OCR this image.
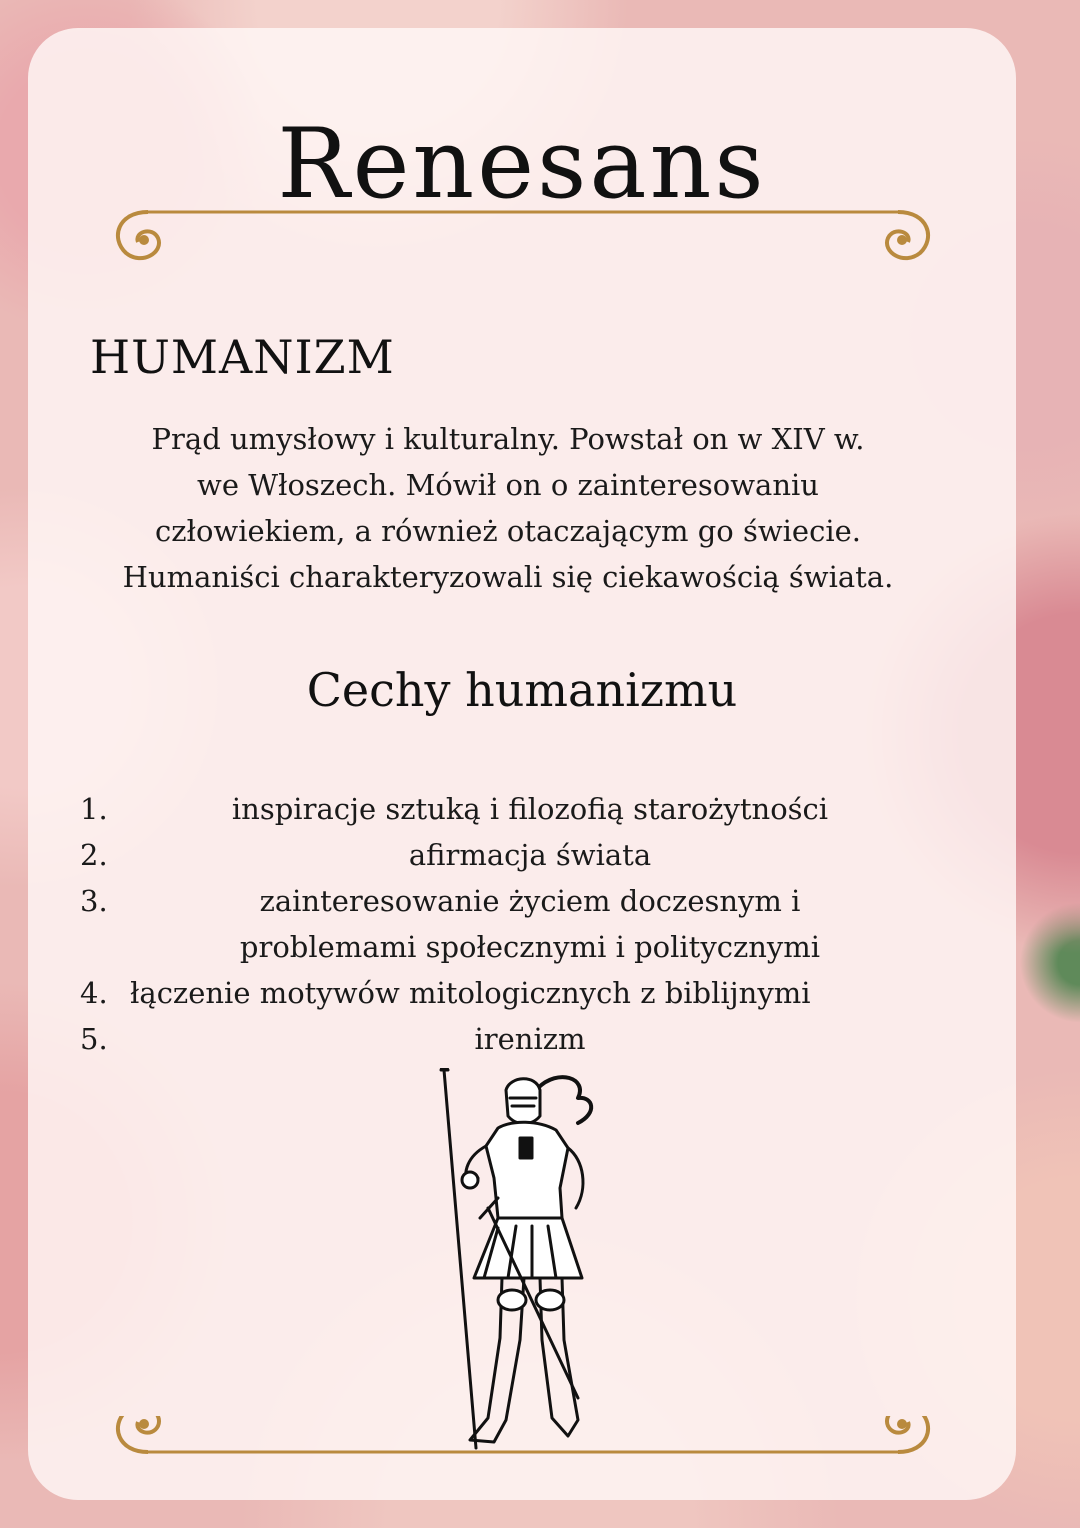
Renesans
HUMANIZM
Prąd umysłowy i kulturalny. Powstał on w XIV w.
we Włoszech. Mówił on o zainteresowaniu
człowiekiem, a również otaczającym go świecie.
Humaniści charakteryzowali się ciekawością świata.
Cechy humanizmu
1.	inspiracje sztuką i filozofią starożytności
2.	afirmacja świata
3.	zainteresowanie życiem doczesnym i
problemami społecznymi i politycznymi
4. łączenie motywów mitologicznych z biblijnymi
5.	irenizm
